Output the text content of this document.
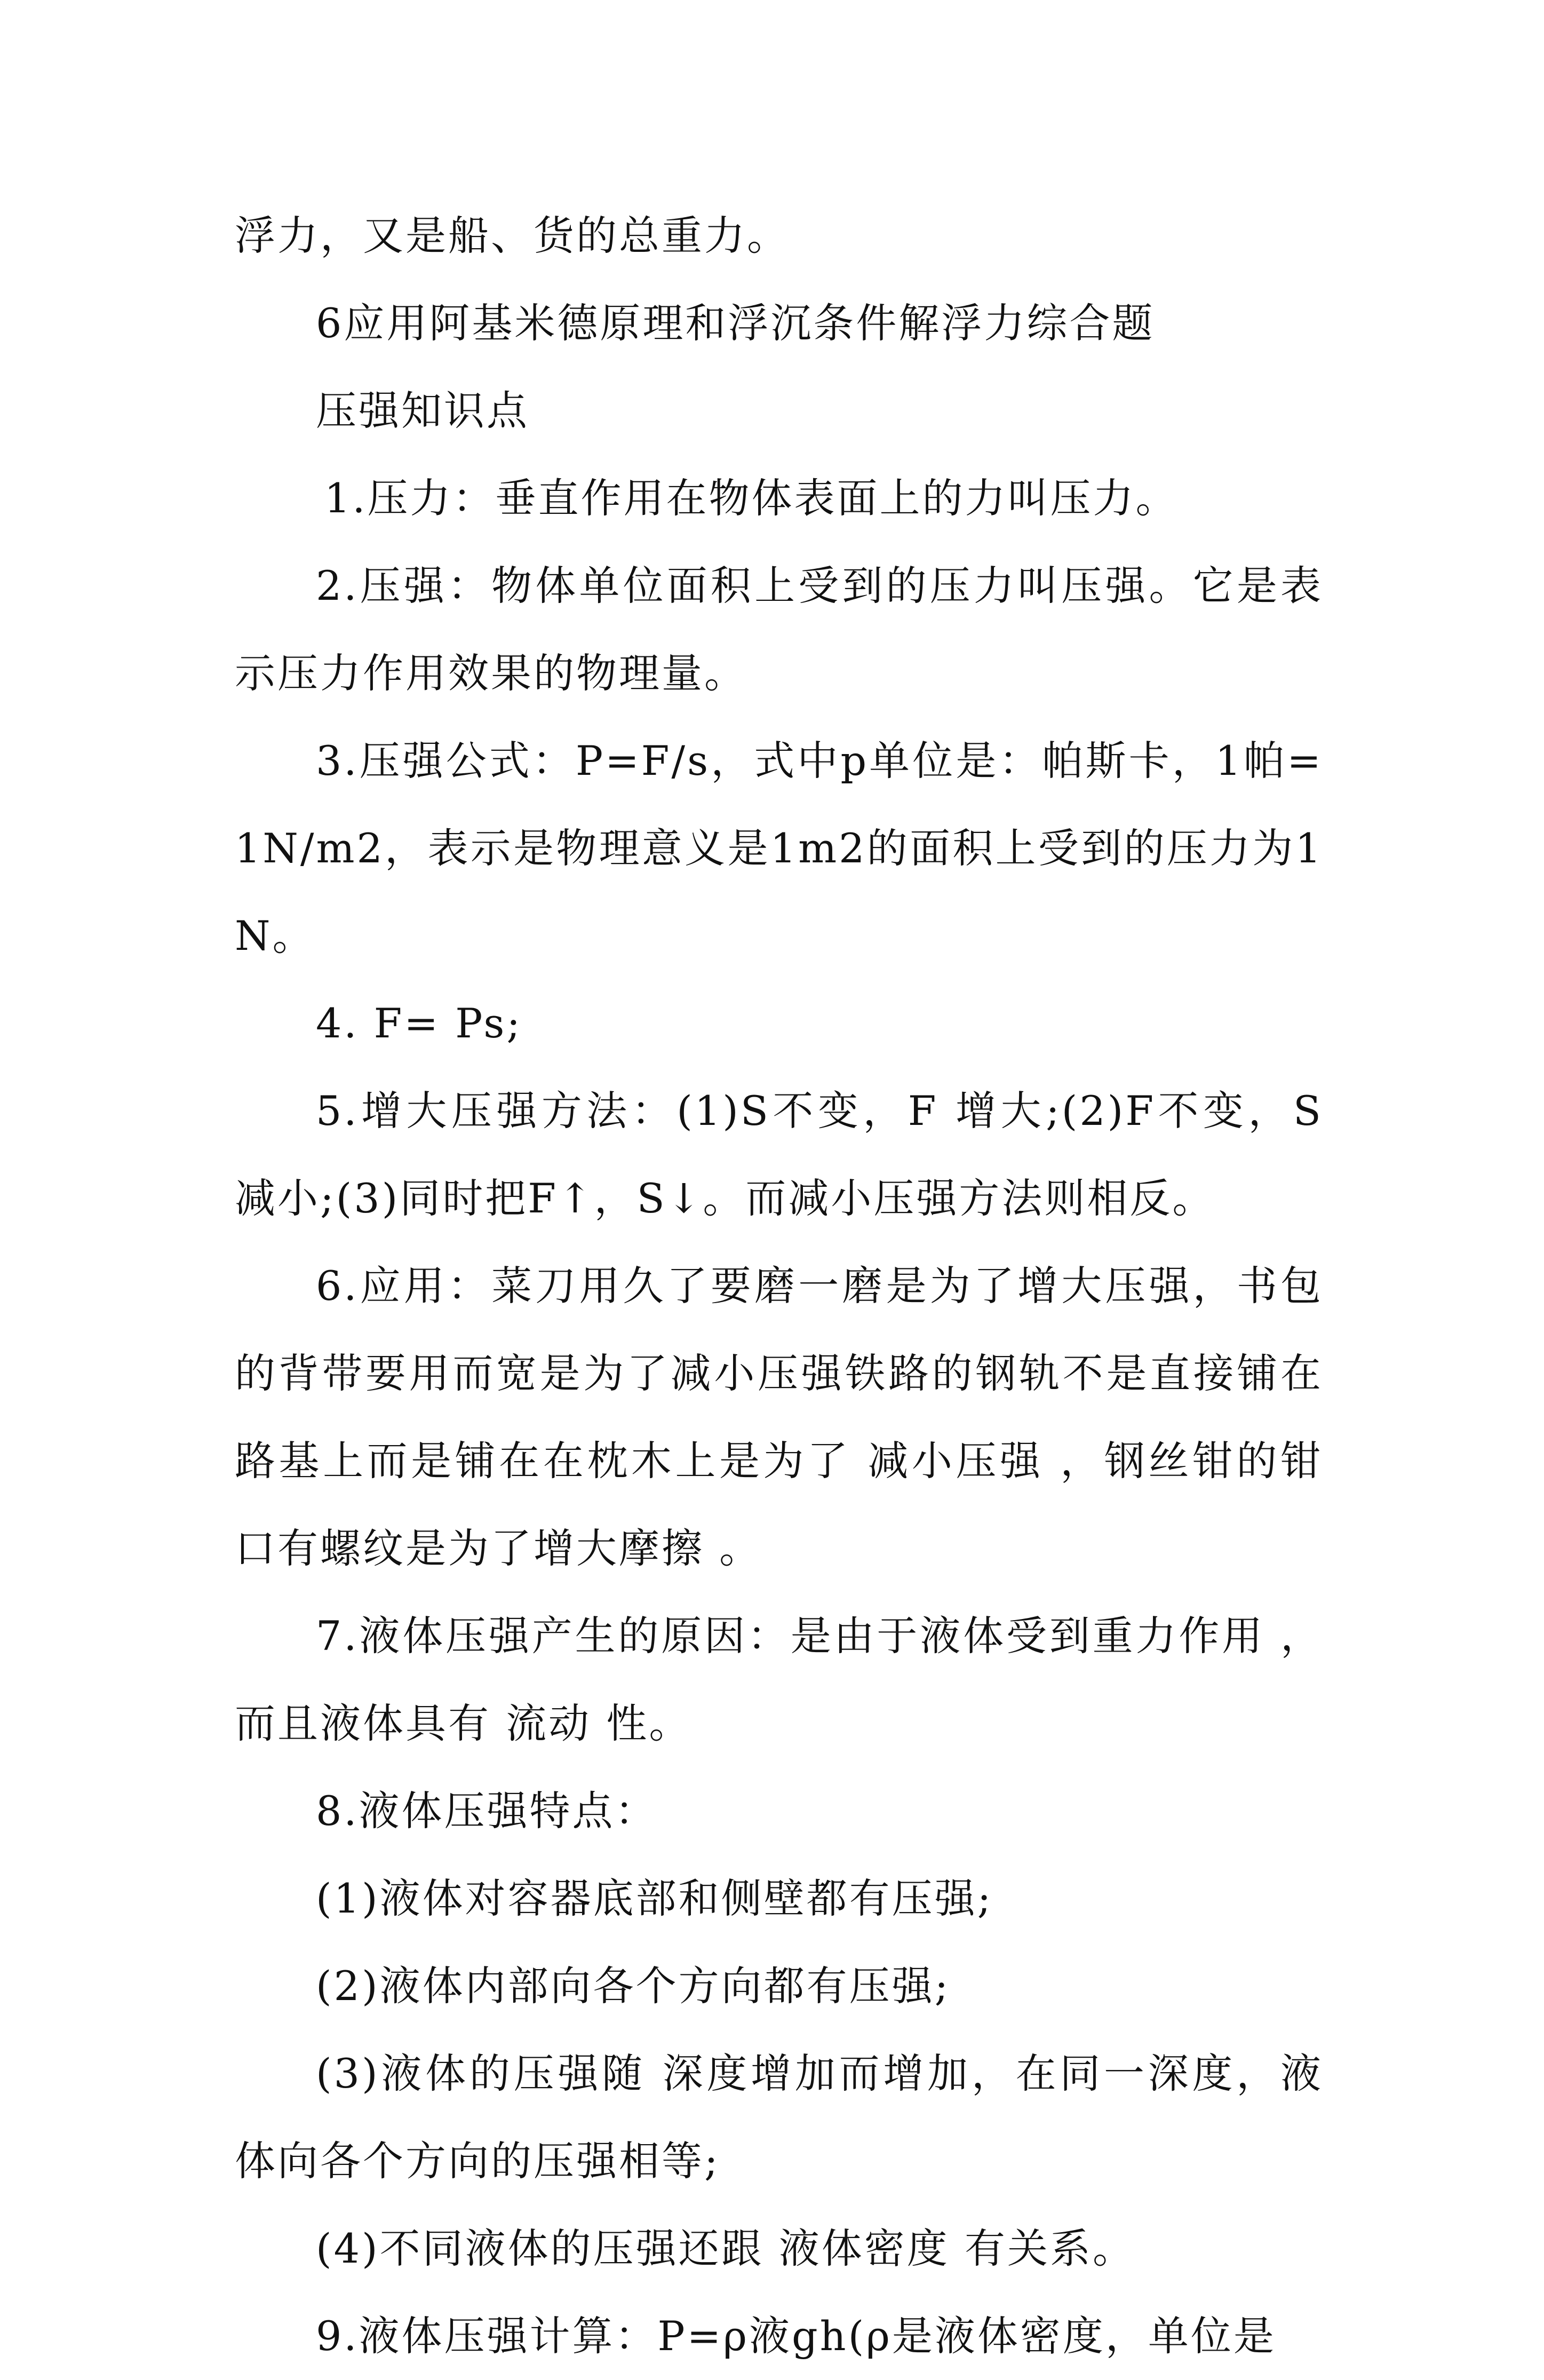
浮力，又是船、货的总重力。

6应用阿基米德原理和浮沉条件解浮力综合题

压强知识点

1.压力：垂直作用在物体表面上的力叫压力。

2.压强：物体单位面积上受到的压力叫压强。它是表示压力作用效果的物理量。

3.压强公式：P=F/s，式中p单位是：帕斯卡，1帕=1N/m2，表示是物理意义是1m2的面积上受到的压力为1N。

4. F= Ps;

5.增大压强方法：(1)S不变，F 增大;(2)F不变，S 减小;(3)同时把F↑，S↓。而减小压强方法则相反。

6.应用：菜刀用久了要磨一磨是为了增大压强，书包的背带要用而宽是为了减小压强铁路的钢轨不是直接铺在路基上而是铺在在枕木上是为了 减小压强 ，钢丝钳的钳口有螺纹是为了增大摩擦 。

7.液体压强产生的原因：是由于液体受到重力作用 ，而且液体具有 流动 性。

8.液体压强特点：

(1)液体对容器底部和侧壁都有压强;

(2)液体内部向各个方向都有压强;

(3)液体的压强随 深度增加而增加，在同一深度，液体向各个方向的压强相等;

(4)不同液体的压强还跟 液体密度 有关系。

9.液体压强计算：P=ρ液gh(ρ是液体密度，单位是
